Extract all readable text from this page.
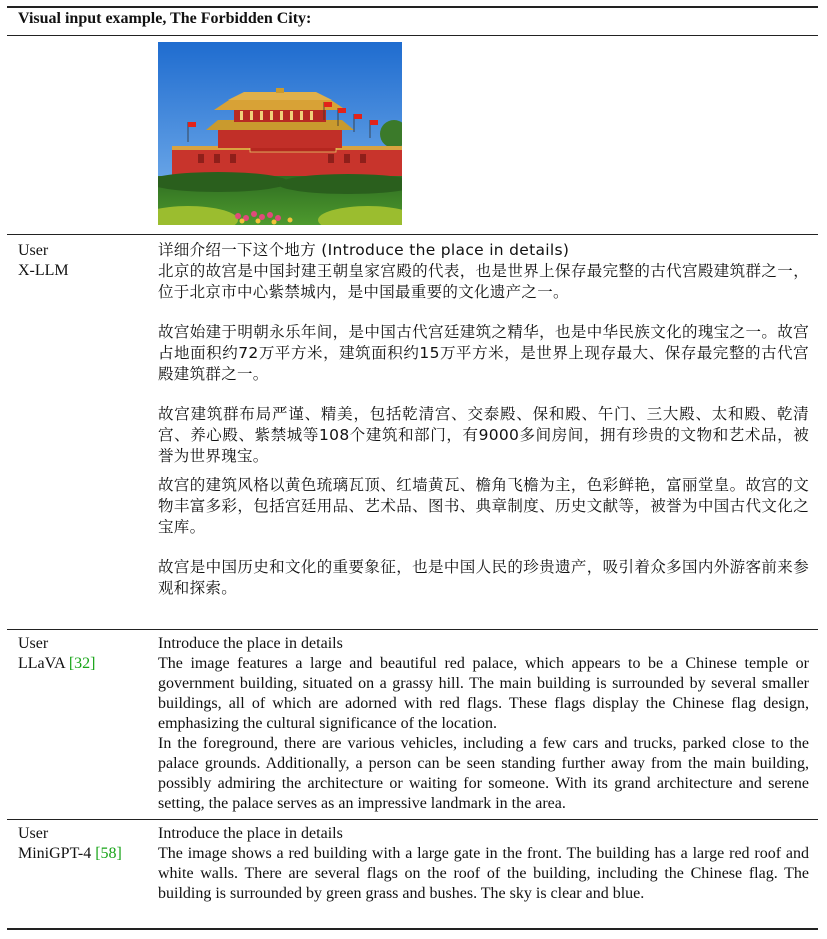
Visual input example, The Forbidden City:
User
X-LLM

详细介绍一下这个地方 (Introduce the place in details)

北京的故宫是中国封建王朝皇家宫殿的代表，也是世界上保存最完整的古代宫殿建筑群之一，位于北京市中心紫禁城内，是中国最重要的文化遗产之一。

故宫始建于明朝永乐年间，是中国古代宫廷建筑之精华，也是中华民族文化的瑰宝之一。故宫占地面积约72万平方米，建筑面积约15万平方米，是世界上现存最大、保存最完整的古代宫殿建筑群之一。

故宫建筑群布局严谨、精美，包括乾清宫、交泰殿、保和殿、午门、三大殿、太和殿、乾清宫、养心殿、紫禁城等108个建筑和部门，有9000多间房间，拥有珍贵的文物和艺术品，被誉为世界瑰宝。

故宫的建筑风格以黄色琉璃瓦顶、红墙黄瓦、檐角飞檐为主，色彩鲜艳，富丽堂皇。故宫的文物丰富多彩，包括宫廷用品、艺术品、图书、典章制度、历史文献等，被誉为中国古代文化之宝库。

故宫是中国历史和文化的重要象征，也是中国人民的珍贵遗产，吸引着众多国内外游客前来参观和探索。

User
LLaVA [32]

Introduce the place in details

The image features a large and beautiful red palace, which appears to be a Chinese temple or government building, situated on a grassy hill. The main building is surrounded by several smaller buildings, all of which are adorned with red flags. These flags display the Chinese flag design, emphasizing the cultural significance of the location.

In the foreground, there are various vehicles, including a few cars and trucks, parked close to the palace grounds. Additionally, a person can be seen standing further away from the main building, possibly admiring the architecture or waiting for someone. With its grand architecture and serene setting, the palace serves as an impressive landmark in the area.

User
MiniGPT-4 [58]

Introduce the place in details

The image shows a red building with a large gate in the front. The building has a large red roof and white walls. There are several flags on the roof of the building, including the Chinese flag. The building is surrounded by green grass and bushes. The sky is clear and blue.
